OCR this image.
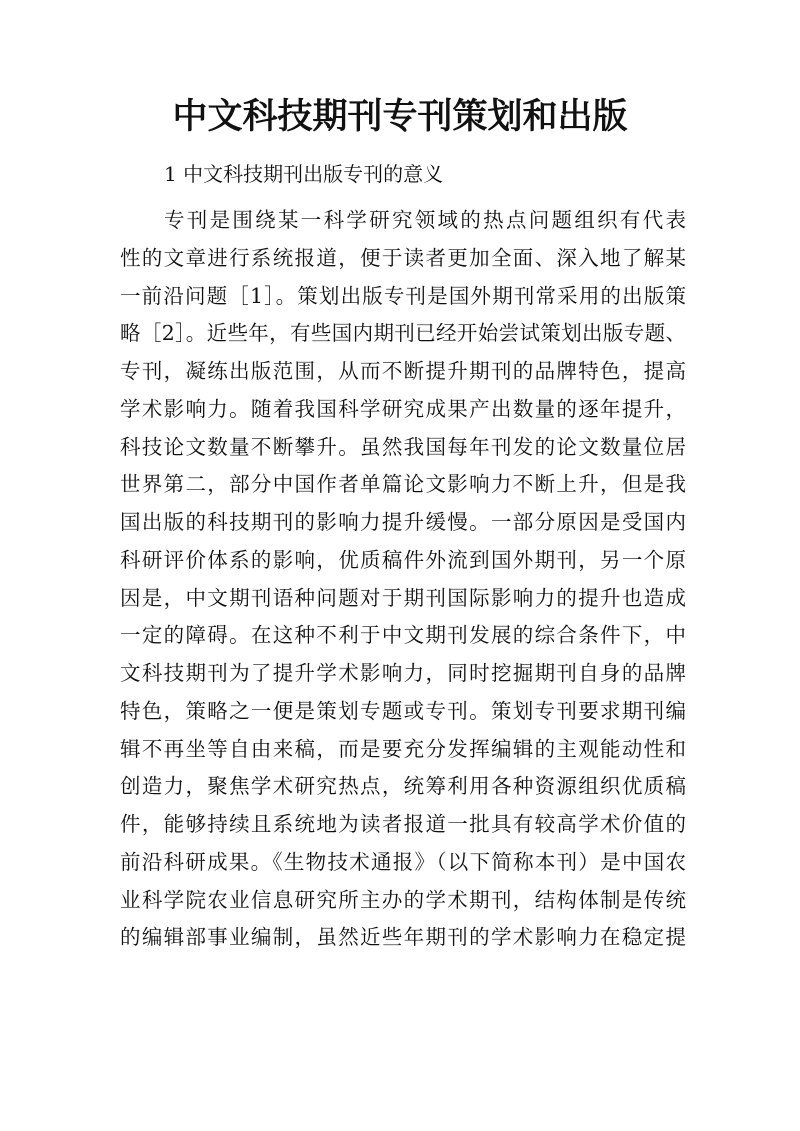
中文科技期刊专刊策划和出版

1 中文科技期刊出版专刊的意义

专刊是围绕某一科学研究领域的热点问题组织有代表
性的文章进行系统报道，便于读者更加全面、深入地了解某
一前沿问题［1］。策划出版专刊是国外期刊常采用的出版策
略［2］。近些年，有些国内期刊已经开始尝试策划出版专题、
专刊，凝练出版范围，从而不断提升期刊的品牌特色，提高
学术影响力。随着我国科学研究成果产出数量的逐年提升，
科技论文数量不断攀升。虽然我国每年刊发的论文数量位居
世界第二，部分中国作者单篇论文影响力不断上升，但是我
国出版的科技期刊的影响力提升缓慢。一部分原因是受国内
科研评价体系的影响，优质稿件外流到国外期刊，另一个原
因是，中文期刊语种问题对于期刊国际影响力的提升也造成
一定的障碍。在这种不利于中文期刊发展的综合条件下，中
文科技期刊为了提升学术影响力，同时挖掘期刊自身的品牌
特色，策略之一便是策划专题或专刊。策划专刊要求期刊编
辑不再坐等自由来稿，而是要充分发挥编辑的主观能动性和
创造力，聚焦学术研究热点，统筹利用各种资源组织优质稿
件，能够持续且系统地为读者报道一批具有较高学术价值的
前沿科研成果。《生物技术通报》（以下简称本刊）是中国农
业科学院农业信息研究所主办的学术期刊，结构体制是传统
的编辑部事业编制，虽然近些年期刊的学术影响力在稳定提
